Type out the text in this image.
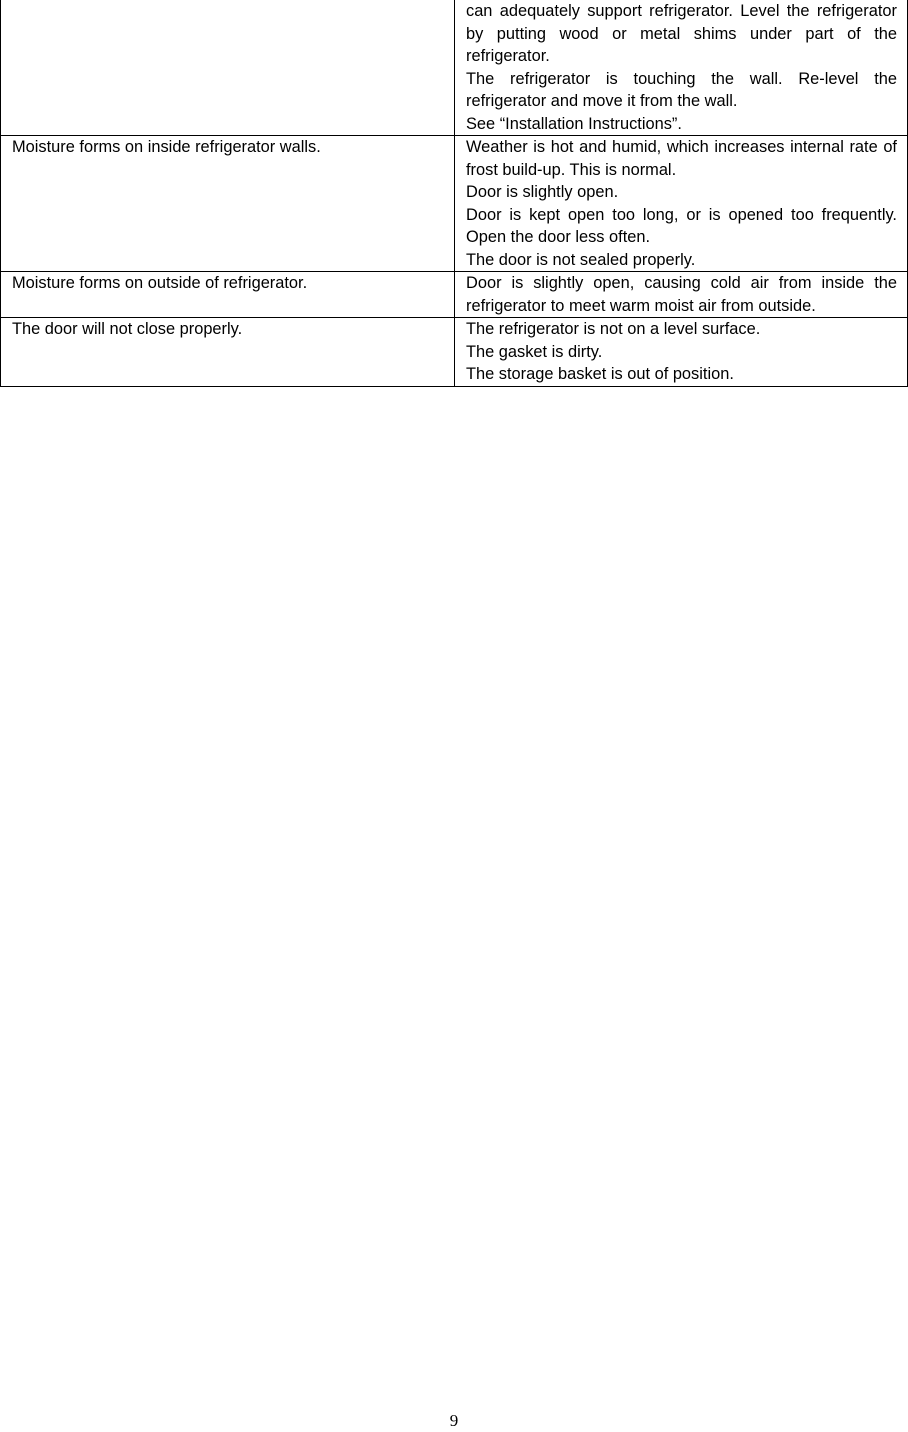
	can adequately support refrigerator. Level the refrigerator by putting wood or metal shims under part of the refrigerator.
The refrigerator is touching the wall. Re-level the refrigerator and move it from the wall.
See “Installation Instructions”.

Moisture forms on inside refrigerator walls.	Weather is hot and humid, which increases internal rate of frost build-up. This is normal.
Door is slightly open.
Door is kept open too long, or is opened too frequently. Open the door less often.
The door is not sealed properly.

Moisture forms on outside of refrigerator.	Door is slightly open, causing cold air from inside the refrigerator to meet warm moist air from outside.

The door will not close properly.	The refrigerator is not on a level surface.
The gasket is dirty.
The storage basket is out of position.
9
